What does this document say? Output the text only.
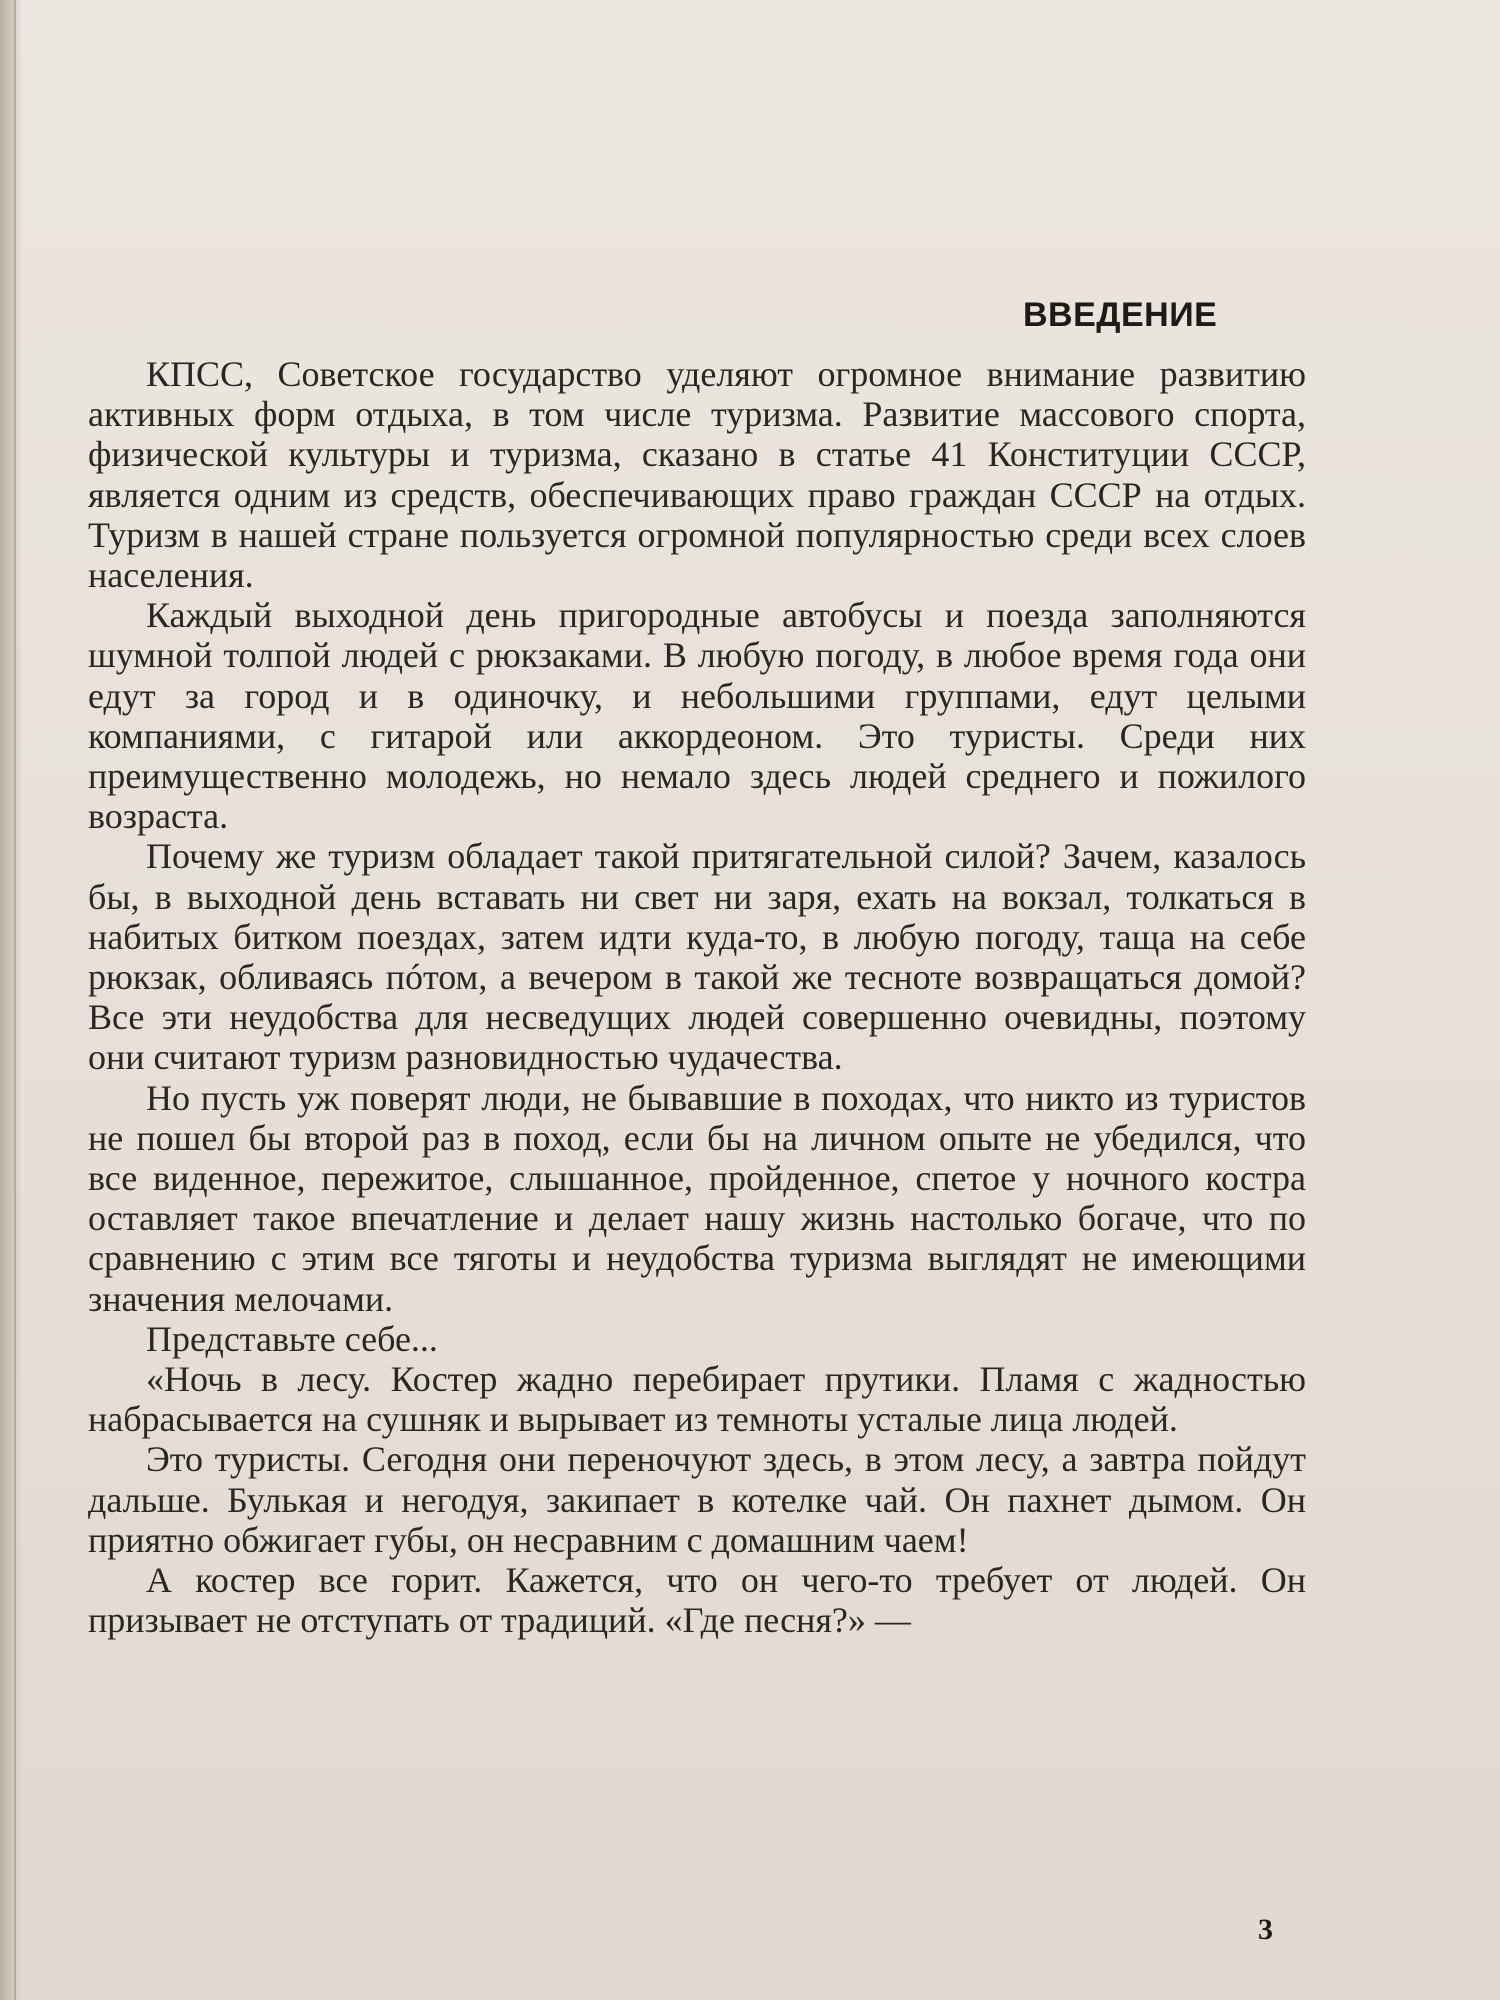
ВВЕДЕНИЕ

КПСС, Советское государство уделяют огромное внимание развитию активных форм отдыха, в том числе туризма. Развитие массового спорта, физической культуры и туризма, сказано в статье 41 Конституции СССР, является одним из средств, обеспечивающих право граждан СССР на отдых. Туризм в нашей стране пользуется огромной популярностью среди всех слоев населения.

Каждый выходной день пригородные автобусы и поезда заполняются шумной толпой людей с рюкзаками. В любую погоду, в любое время года они едут за город и в одиночку, и небольшими группами, едут целыми компаниями, с гитарой или аккордеоном. Это туристы. Среди них преимущественно молодежь, но немало здесь людей среднего и пожилого возраста.

Почему же туризм обладает такой притягательной силой? Зачем, казалось бы, в выходной день вставать ни свет ни заря, ехать на вокзал, толкаться в набитых битком поездах, затем идти куда-то, в любую погоду, таща на себе рюкзак, обливаясь пóтом, а вечером в такой же тесноте возвращаться домой? Все эти неудобства для несведущих людей совершенно очевидны, поэтому они считают туризм разновидностью чудачества.

Но пусть уж поверят люди, не бывавшие в походах, что никто из туристов не пошел бы второй раз в поход, если бы на личном опыте не убедился, что все виденное, пережитое, слышанное, пройденное, спетое у ночного костра оставляет такое впечатление и делает нашу жизнь настолько богаче, что по сравнению с этим все тяготы и неудобства туризма выглядят не имеющими значения мелочами.

Представьте себе...

«Ночь в лесу. Костер жадно перебирает прутики. Пламя с жадностью набрасывается на сушняк и вырывает из темноты усталые лица людей.

Это туристы. Сегодня они переночуют здесь, в этом лесу, а завтра пойдут дальше. Булькая и негодуя, закипает в котелке чай. Он пахнет дымом. Он приятно обжигает губы, он несравним с домашним чаем!

А костер все горит. Кажется, что он чего-то требует от людей. Он призывает не отступать от традиций. «Где песня?» —

3
